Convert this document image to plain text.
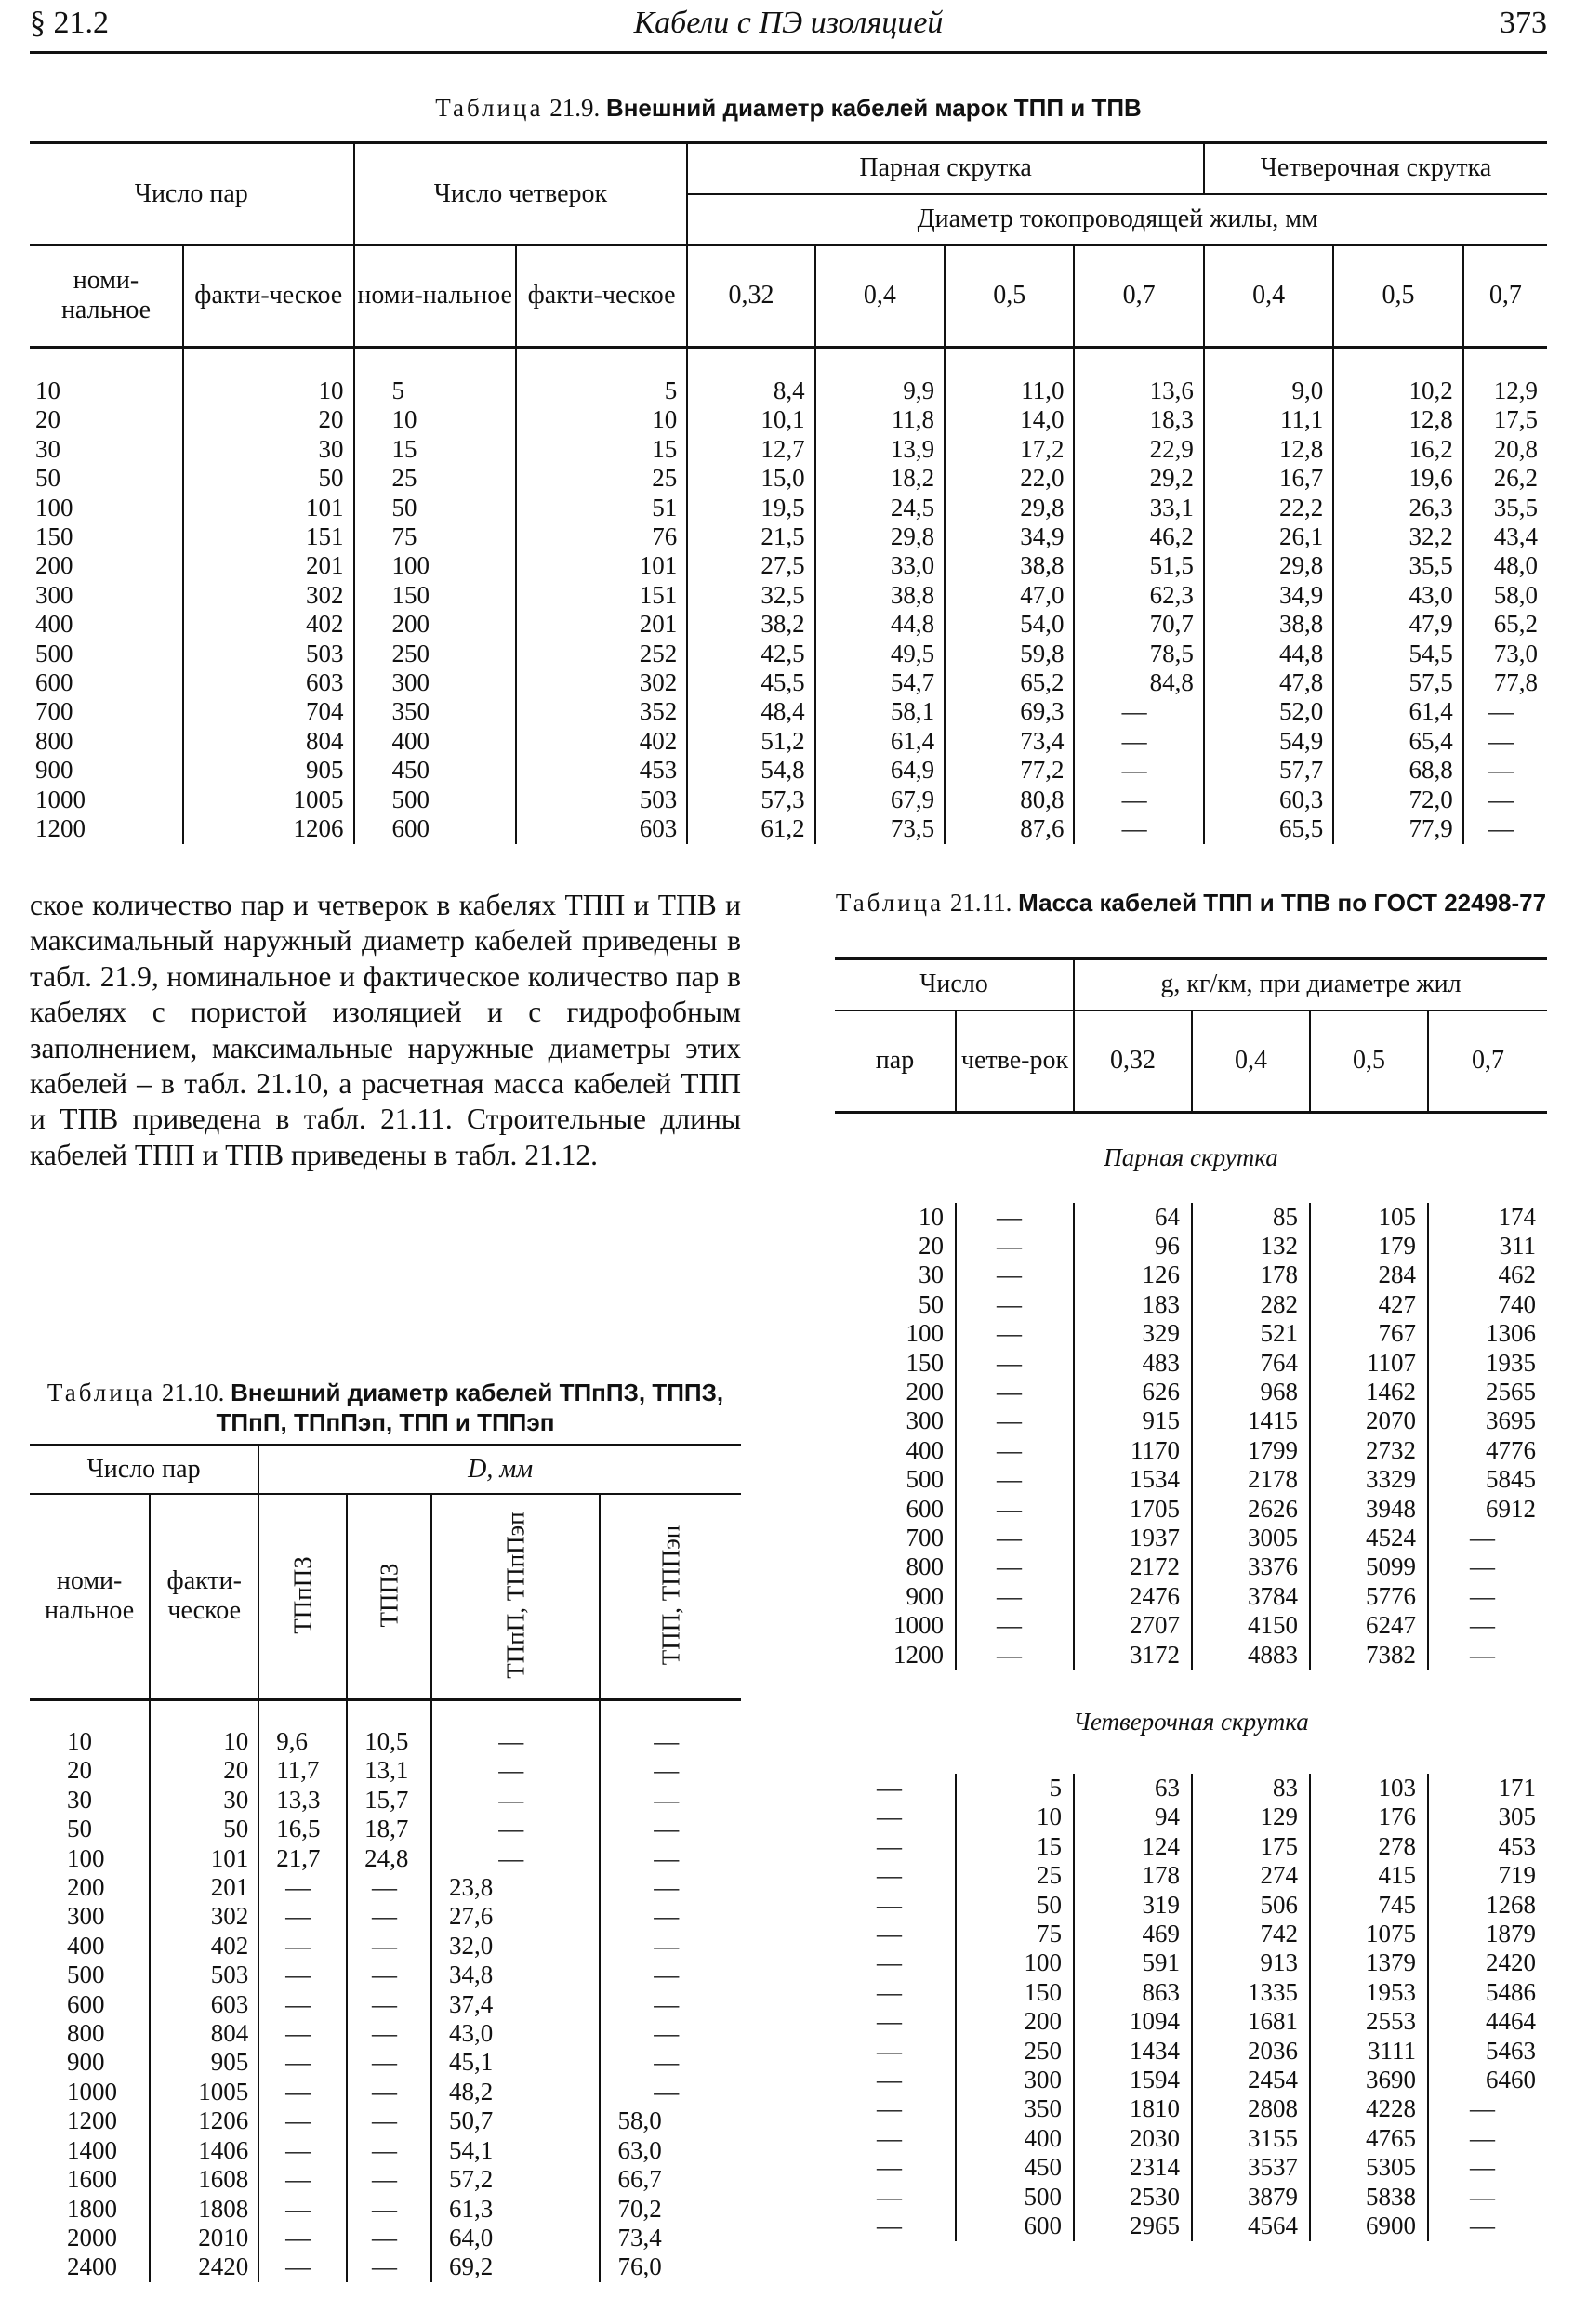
§ 21.2	Кабели с ПЭ изоляцией	373
Таблица 21.9. Внешний диаметр кабелей марок ТПП и ТПВ
Число пар		Число четверок		Парная скрутка				Четверочная скрутка		
				Диаметр токопроводящей жилы, мм						
номи-нальное	факти-ческое	номи-нальное	факти-ческое	0,32	0,4	0,5	0,7	0,4	0,5	0,7
10	10	5	5	8,4	9,9	11,0	13,6	9,0	10,2	12,9
20	20	10	10	10,1	11,8	14,0	18,3	11,1	12,8	17,5
30	30	15	15	12,7	13,9	17,2	22,9	12,8	16,2	20,8
50	50	25	25	15,0	18,2	22,0	29,2	16,7	19,6	26,2
100	101	50	51	19,5	24,5	29,8	33,1	22,2	26,3	35,5
150	151	75	76	21,5	29,8	34,9	46,2	26,1	32,2	43,4
200	201	100	101	27,5	33,0	38,8	51,5	29,8	35,5	48,0
300	302	150	151	32,5	38,8	47,0	62,3	34,9	43,0	58,0
400	402	200	201	38,2	44,8	54,0	70,7	38,8	47,9	65,2
500	503	250	252	42,5	49,5	59,8	78,5	44,8	54,5	73,0
600	603	300	302	45,5	54,7	65,2	84,8	47,8	57,5	77,8
700	704	350	352	48,4	58,1	69,3	—	52,0	61,4	—
800	804	400	402	51,2	61,4	73,4	—	54,9	65,4	—
900	905	450	453	54,8	64,9	77,2	—	57,7	68,8	—
1000	1005	500	503	57,3	67,9	80,8	—	60,3	72,0	—
1200	1206	600	603	61,2	73,5	87,6	—	65,5	77,9	—
ское количество пар и четверок в кабелях ТПП и ТПВ и максимальный наружный диаметр кабелей приведены в табл. 21.9, номинальное и фактическое количество пар в кабелях с пористой изоляцией и с гидрофобным заполнением, максимальные наружные диаметры этих кабелей – в табл. 21.10, а расчетная масса кабелей ТПП и ТПВ приведена в табл. 21.11. Строительные длины кабелей ТПП и ТПВ приведены в табл. 21.12.
Таблица 21.11. Масса кабелей ТПП и ТПВ по ГОСТ 22498-77
Число		g, кг/км, при диаметре жил			
пар	четве-рок	0,32	0,4	0,5	0,7
Парная скрутка					
10	—	64	85	105	174
20	—	96	132	179	311
30	—	126	178	284	462
50	—	183	282	427	740
100	—	329	521	767	1306
150	—	483	764	1107	1935
200	—	626	968	1462	2565
300	—	915	1415	2070	3695
400	—	1170	1799	2732	4776
500	—	1534	2178	3329	5845
600	—	1705	2626	3948	6912
700	—	1937	3005	4524	—
800	—	2172	3376	5099	—
900	—	2476	3784	5776	—
1000	—	2707	4150	6247	—
1200	—	3172	4883	7382	—
Четверочная скрутка					
—	5	63	83	103	171
—	10	94	129	176	305
—	15	124	175	278	453
—	25	178	274	415	719
—	50	319	506	745	1268
—	75	469	742	1075	1879
—	100	591	913	1379	2420
—	150	863	1335	1953	5486
—	200	1094	1681	2553	4464
—	250	1434	2036	3111	5463
—	300	1594	2454	3690	6460
—	350	1810	2808	4228	—
—	400	2030	3155	4765	—
—	450	2314	3537	5305	—
—	500	2530	3879	5838	—
—	600	2965	4564	6900	—
Таблица 21.10. Внешний диаметр кабелей ТПпПЗ, ТППЗ, ТПпП, ТПпПэп, ТПП и ТППэп
Число пар		D, мм			
номи-нальное	факти-ческое	ТПпПЗ	ТППЗ	ТПпП, ТПпПэп	ТПП, ТППэп
10	10	9,6	10,5	—	—
20	20	11,7	13,1	—	—
30	30	13,3	15,7	—	—
50	50	16,5	18,7	—	—
100	101	21,7	24,8	—	—
200	201	—	—	23,8	—
300	302	—	—	27,6	—
400	402	—	—	32,0	—
500	503	—	—	34,8	—
600	603	—	—	37,4	—
800	804	—	—	43,0	—
900	905	—	—	45,1	—
1000	1005	—	—	48,2	—
1200	1206	—	—	50,7	58,0
1400	1406	—	—	54,1	63,0
1600	1608	—	—	57,2	66,7
1800	1808	—	—	61,3	70,2
2000	2010	—	—	64,0	73,4
2400	2420	—	—	69,2	76,0
